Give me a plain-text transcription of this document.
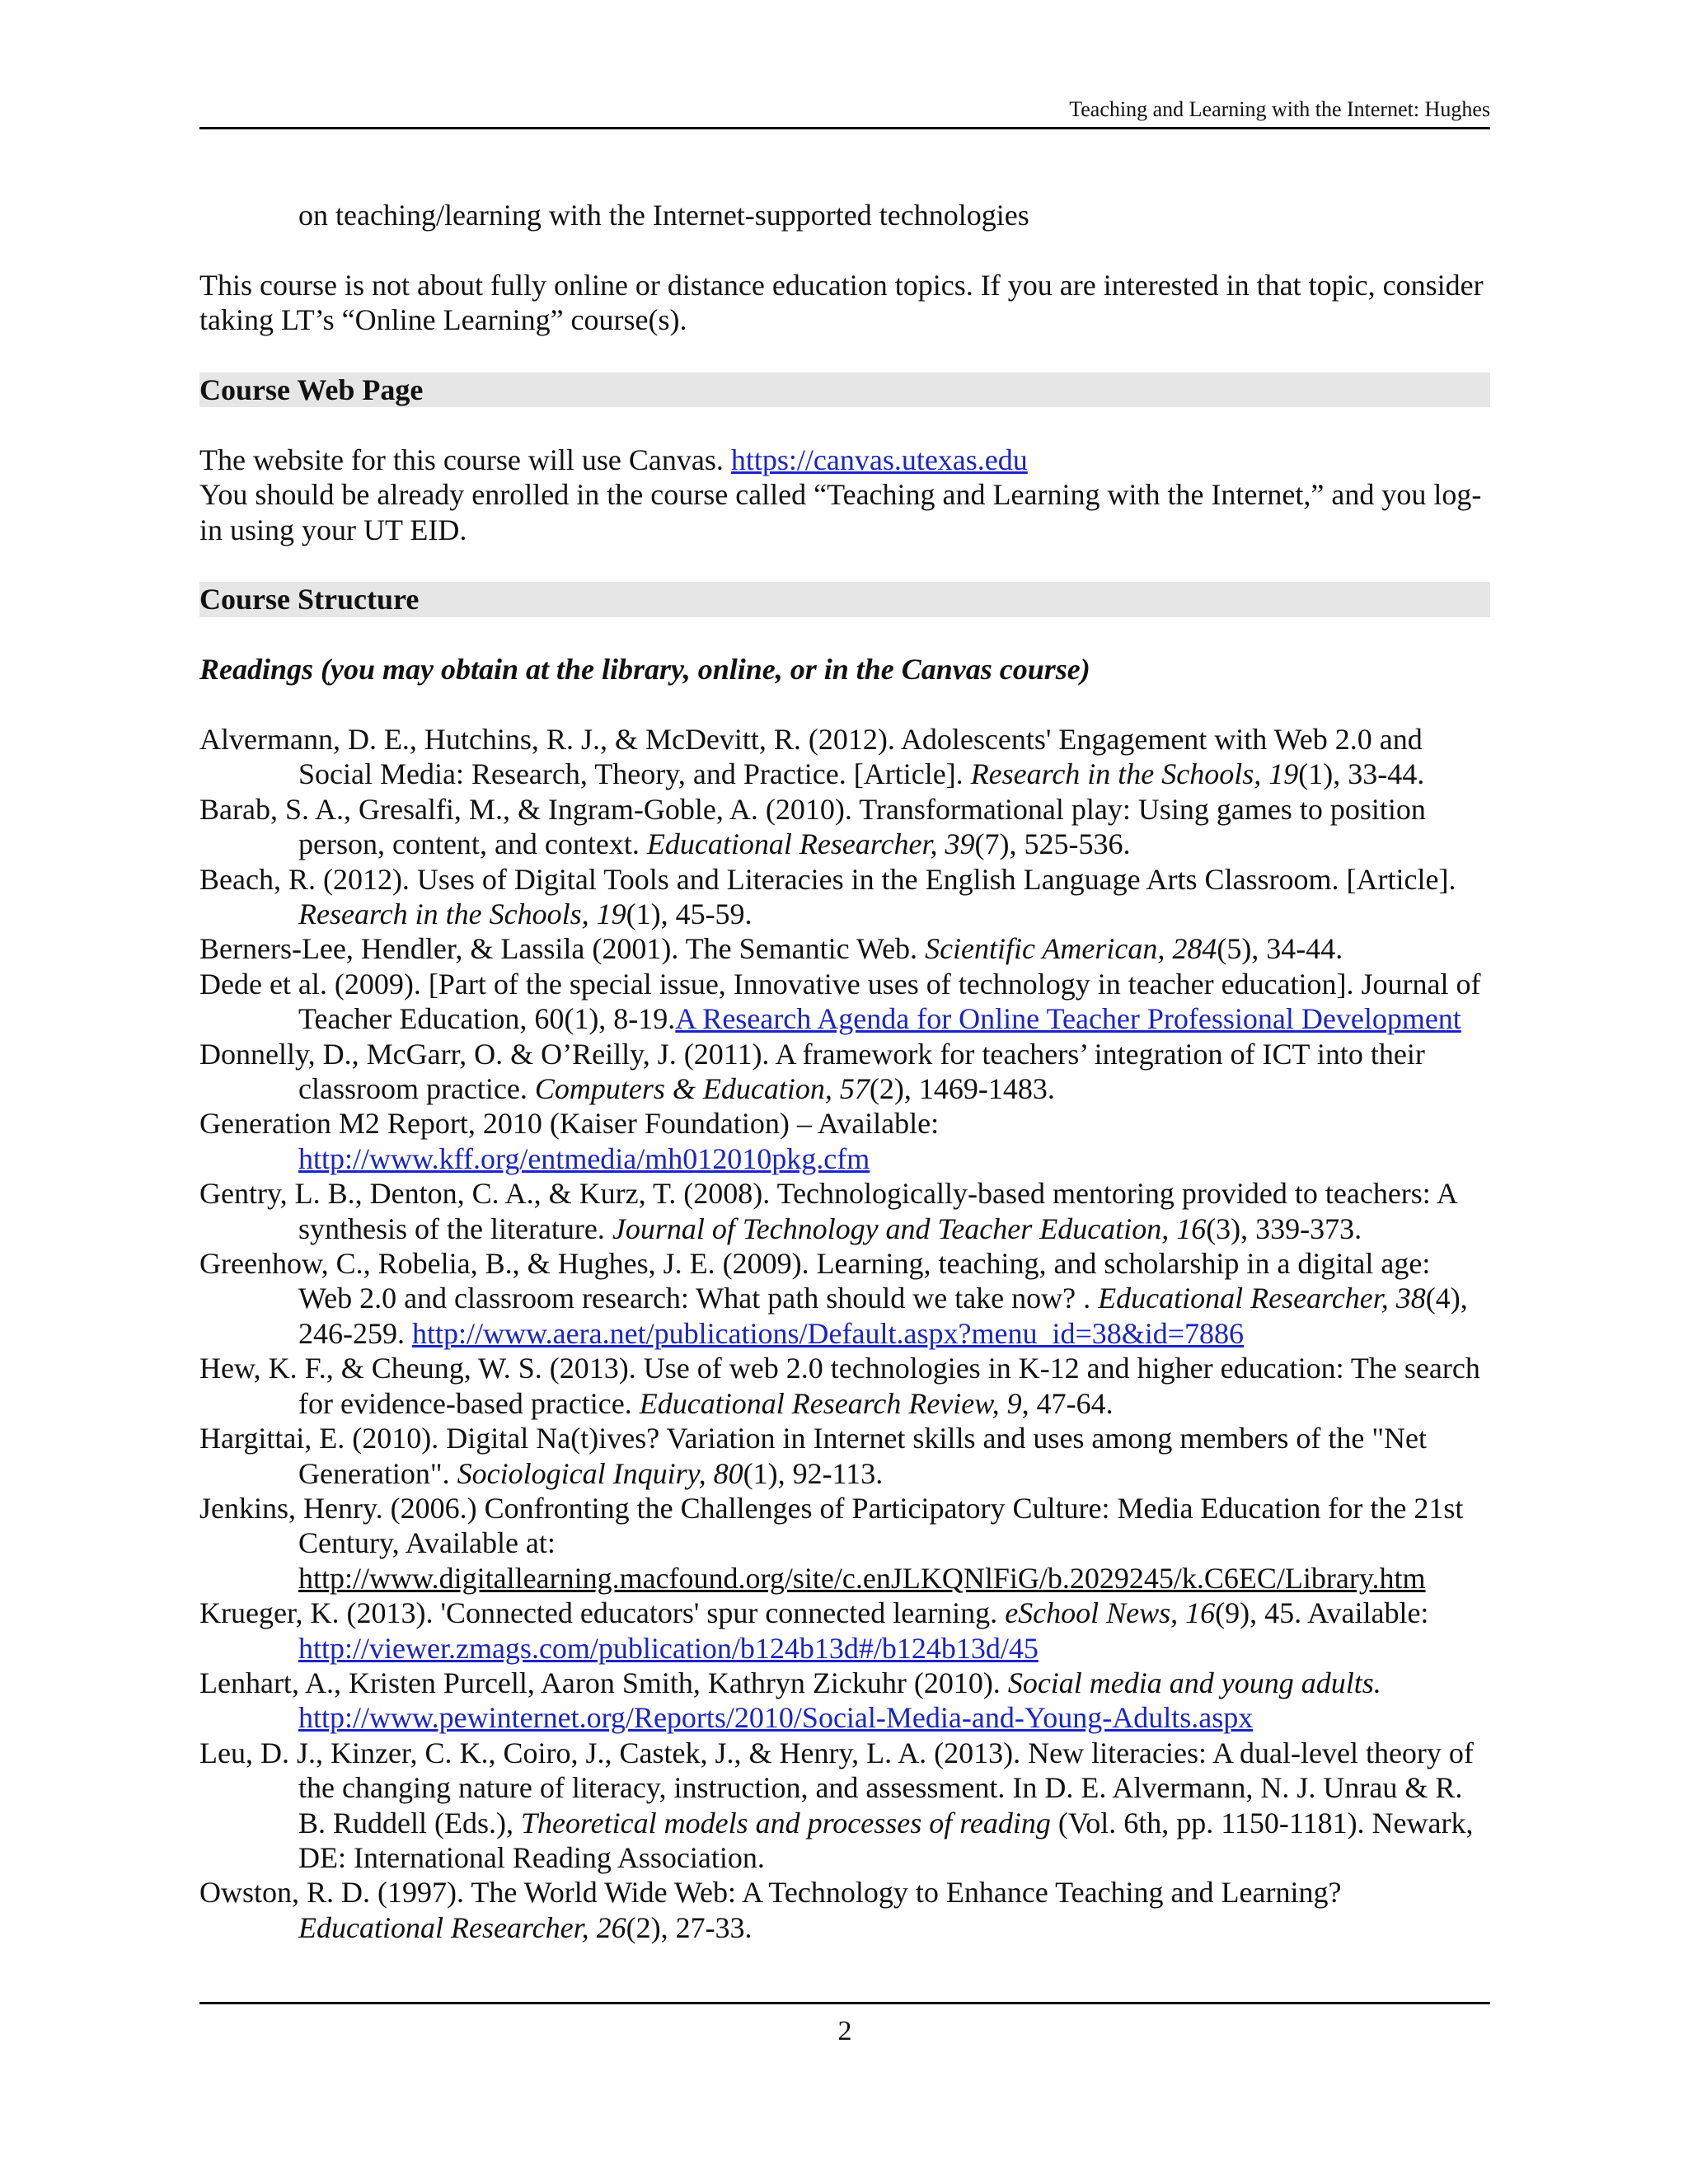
Teaching and Learning with the Internet: Hughes

on teaching/learning with the Internet-supported technologies

This course is not about fully online or distance education topics. If you are interested in that topic, consider taking LT’s “Online Learning” course(s).

Course Web Page

The website for this course will use Canvas. https://canvas.utexas.edu

You should be already enrolled in the course called “Teaching and Learning with the Internet,” and you log-in using your UT EID.

Course Structure

Readings (you may obtain at the library, online, or in the Canvas course)

Alvermann, D. E., Hutchins, R. J., & McDevitt, R. (2012). Adolescents' Engagement with Web 2.0 and Social Media: Research, Theory, and Practice. [Article]. Research in the Schools, 19(1), 33-44.

Barab, S. A., Gresalfi, M., & Ingram-Goble, A. (2010). Transformational play: Using games to position person, content, and context. Educational Researcher, 39(7), 525-536.

Beach, R. (2012). Uses of Digital Tools and Literacies in the English Language Arts Classroom. [Article]. Research in the Schools, 19(1), 45-59.

Berners-Lee, Hendler, & Lassila (2001). The Semantic Web. Scientific American, 284(5), 34-44.

Dede et al. (2009). [Part of the special issue, Innovative uses of technology in teacher education]. Journal of Teacher Education, 60(1), 8-19.A Research Agenda for Online Teacher Professional Development

Donnelly, D., McGarr, O. & O’Reilly, J. (2011). A framework for teachers’ integration of ICT into their classroom practice. Computers & Education, 57(2), 1469-1483.

Generation M2 Report, 2010 (Kaiser Foundation) – Available: http://www.kff.org/entmedia/mh012010pkg.cfm

Gentry, L. B., Denton, C. A., & Kurz, T. (2008). Technologically-based mentoring provided to teachers: A synthesis of the literature. Journal of Technology and Teacher Education, 16(3), 339-373.

Greenhow, C., Robelia, B., & Hughes, J. E. (2009). Learning, teaching, and scholarship in a digital age: Web 2.0 and classroom research: What path should we take now? . Educational Researcher, 38(4), 246-259. http://www.aera.net/publications/Default.aspx?menu_id=38&id=7886

Hew, K. F., & Cheung, W. S. (2013). Use of web 2.0 technologies in K-12 and higher education: The search for evidence-based practice. Educational Research Review, 9, 47-64.

Hargittai, E. (2010). Digital Na(t)ives? Variation in Internet skills and uses among members of the "Net Generation". Sociological Inquiry, 80(1), 92-113.

Jenkins, Henry. (2006.) Confronting the Challenges of Participatory Culture: Media Education for the 21st Century, Available at: http://www.digitallearning.macfound.org/site/c.enJLKQNlFiG/b.2029245/k.C6EC/Library.htm

Krueger, K. (2013). 'Connected educators' spur connected learning. eSchool News, 16(9), 45. Available: http://viewer.zmags.com/publication/b124b13d#/b124b13d/45

Lenhart, A., Kristen Purcell, Aaron Smith, Kathryn Zickuhr (2010). Social media and young adults. http://www.pewinternet.org/Reports/2010/Social-Media-and-Young-Adults.aspx

Leu, D. J., Kinzer, C. K., Coiro, J., Castek, J., & Henry, L. A. (2013). New literacies: A dual-level theory of the changing nature of literacy, instruction, and assessment. In D. E. Alvermann, N. J. Unrau & R. B. Ruddell (Eds.), Theoretical models and processes of reading (Vol. 6th, pp. 1150-1181). Newark, DE: International Reading Association.

Owston, R. D. (1997). The World Wide Web: A Technology to Enhance Teaching and Learning? Educational Researcher, 26(2), 27-33.

2
